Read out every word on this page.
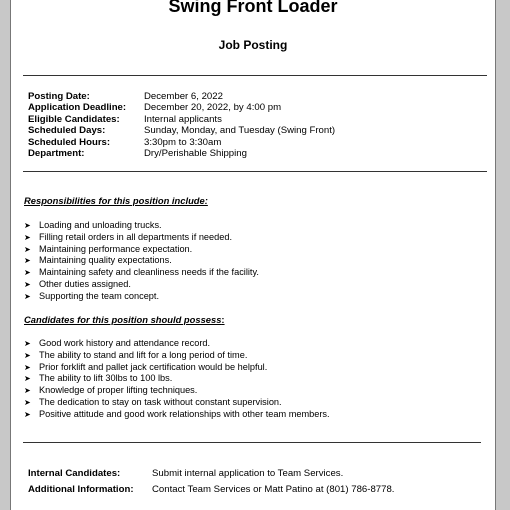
Swing Front Loader
Job Posting
Posting Date:	December 6, 2022
Application Deadline:	December 20, 2022, by 4:00 pm
Eligible Candidates:	Internal applicants
Scheduled Days:	Sunday, Monday, and Tuesday (Swing Front)
Scheduled Hours:	3:30pm to 3:30am
Department:	Dry/Perishable Shipping
Responsibilities for this position include:
➤ Loading and unloading trucks.
➤ Filling retail orders in all departments if needed.
➤ Maintaining performance expectation.
➤ Maintaining quality expectations.
➤ Maintaining safety and cleanliness needs if the facility.
➤ Other duties assigned.
➤ Supporting the team concept.
Candidates for this position should possess:
➤ Good work history and attendance record.
➤ The ability to stand and lift for a long period of time.
➤ Prior forklift and pallet jack certification would be helpful.
➤ The ability to lift 30lbs to 100 lbs.
➤ Knowledge of proper lifting techniques.
➤ The dedication to stay on task without constant supervision.
➤ Positive attitude and good work relationships with other team members.
Internal Candidates:	Submit internal application to Team Services.
Additional Information:	Contact Team Services or Matt Patino at (801) 786-8778.
